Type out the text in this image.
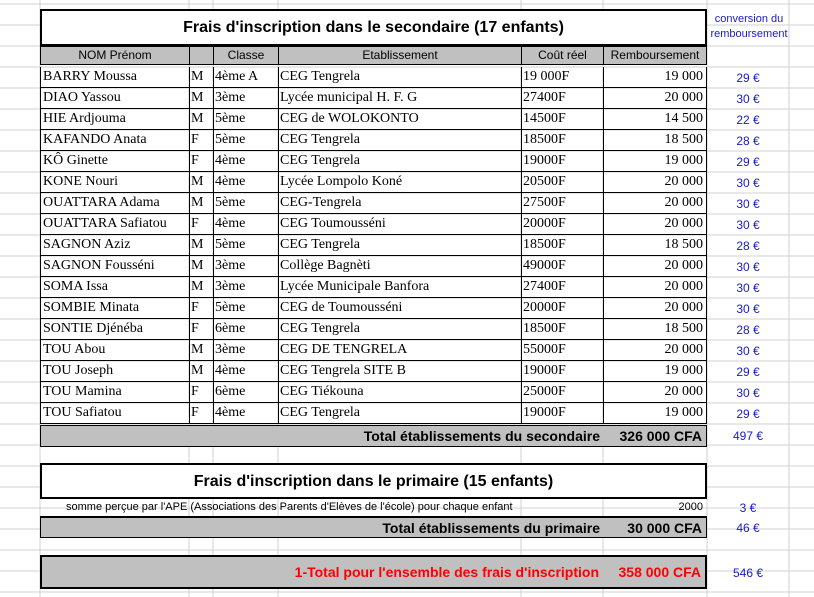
Frais d'inscription dans le secondaire (17 enfants)	conversion du remboursement
NOM Prénom	Classe	Etablissement	Coût réel	Remboursement
BARRY Moussa	M 4ème A	CEG Tengrela	19 000F	19 000	29 €
DIAO Yassou	M 3ème	Lycée municipal H. F. G	27400F	20 000	30 €
HIE Ardjouma	M 5ème	CEG de WOLOKONTO	14500F	14 500	22 €
KAFANDO Anata	F	5ème	CEG Tengrela	18500F	18 500	28 €
KÔ Ginette	F	4ème	CEG Tengrela	19000F	19 000	29 €
KONE Nouri	M 4ème	Lycée Lompolo Koné	20500F	20 000	30 €
OUATTARA Adama	M 5ème	CEG-Tengrela	27500F	20 000	30 €
OUATTARA Safiatou	F	4ème	CEG Toumousséni	20000F	20 000	30 €
SAGNON Aziz	M 5ème	CEG Tengrela	18500F	18 500	28 €
SAGNON Fousséni	M 3ème	Collège Bagnèti	49000F	20 000	30 €
SOMA Issa	M 3ème	Lycée Municipale Banfora	27400F	20 000	30 €
SOMBIE Minata	F	5ème	CEG de Toumousséni	20000F	20 000	30 €
SONTIE Djénéba	F	6ème	CEG Tengrela	18500F	18 500	28 €
TOU Abou	M 3ème	CEG DE TENGRELA	55000F	20 000	30 €
TOU Joseph	M 4ème	CEG Tengrela SITE B	19000F	19 000	29 €
TOU Mamina	F	6ème	CEG Tiékouna	25000F	20 000	30 €
TOU Safiatou	F	4ème	CEG Tengrela	19000F	19 000	29 €
Total établissements du secondaire 326 000 CFA	497 €
Frais d'inscription dans le primaire (15 enfants)
somme perçue par l'APE (Associations des Parents d'Elèves de l'école) pour chaque enfant	2000	3 €
Total établissements du primaire 30 000 CFA	46 €
1-Total pour l'ensemble des frais d'inscription 358 000 CFA	546 €
